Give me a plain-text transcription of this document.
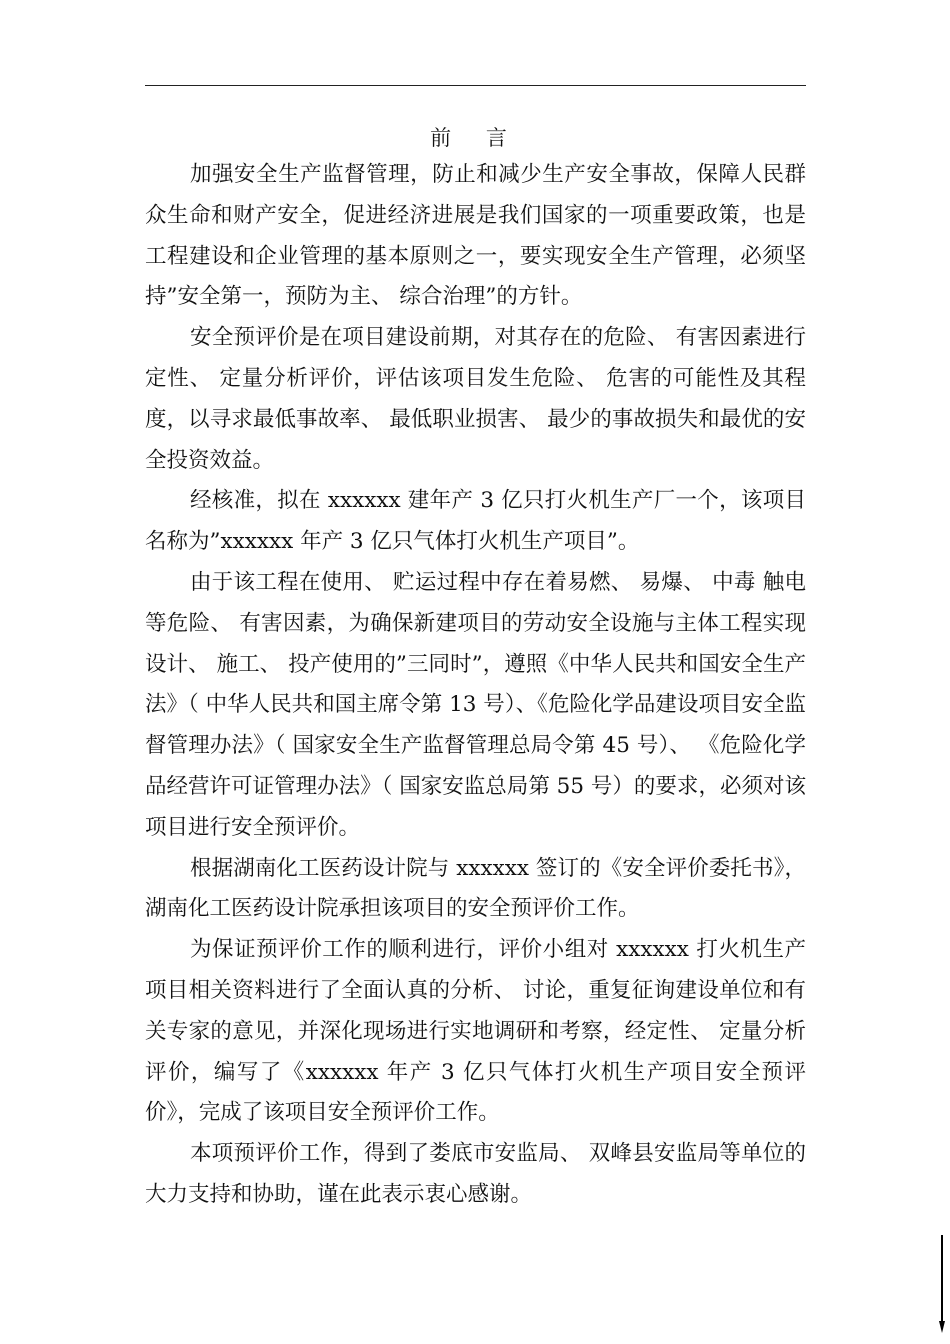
前 言

加强安全生产监督管理，防止和减少生产安全事故，保障人民群众生命和财产安全，促进经济进展是我们国家的一项重要政策，也是工程建设和企业管理的基本原则之一，要实现安全生产管理，必须坚持”安全第一，预防为主、 综合治理”的方针。

安全预评价是在项目建设前期，对其存在的危险、 有害因素进行定性、 定量分析评价，评估该项目发生危险、 危害的可能性及其程度，以寻求最低事故率、 最低职业损害、 最少的事故损失和最优的安全投资效益。

经核准，拟在 xxxxxx 建年产 3 亿只打火机生产厂一个，该项目名称为”xxxxxx 年产 3 亿只气体打火机生产项目”。

由于该工程在使用、 贮运过程中存在着易燃、 易爆、 中毒 触电等危险、 有害因素，为确保新建项目的劳动安全设施与主体工程实现设计、 施工、 投产使用的”三同时”，遵照《中华人民共和国安全生产法》（ 中华人民共和国主席令第 13 号）、《危险化学品建设项目安全监督管理办法》（ 国家安全生产监督管理总局令第 45 号）、 《危险化学品经营许可证管理办法》（ 国家安监总局第 55 号）的要求，必须对该项目进行安全预评价。

根据湖南化工医药设计院与 xxxxxx 签订的《安全评价委托书》，湖南化工医药设计院承担该项目的安全预评价工作。

为保证预评价工作的顺利进行，评价小组对 xxxxxx 打火机生产项目相关资料进行了全面认真的分析、 讨论，重复征询建设单位和有关专家的意见，并深化现场进行实地调研和考察，经定性、 定量分析评价，编写了《xxxxxx 年产 3 亿只气体打火机生产项目安全预评价》，完成了该项目安全预评价工作。

本项预评价工作，得到了娄底市安监局、 双峰县安监局等单位的大力支持和协助，谨在此表示衷心感谢。
